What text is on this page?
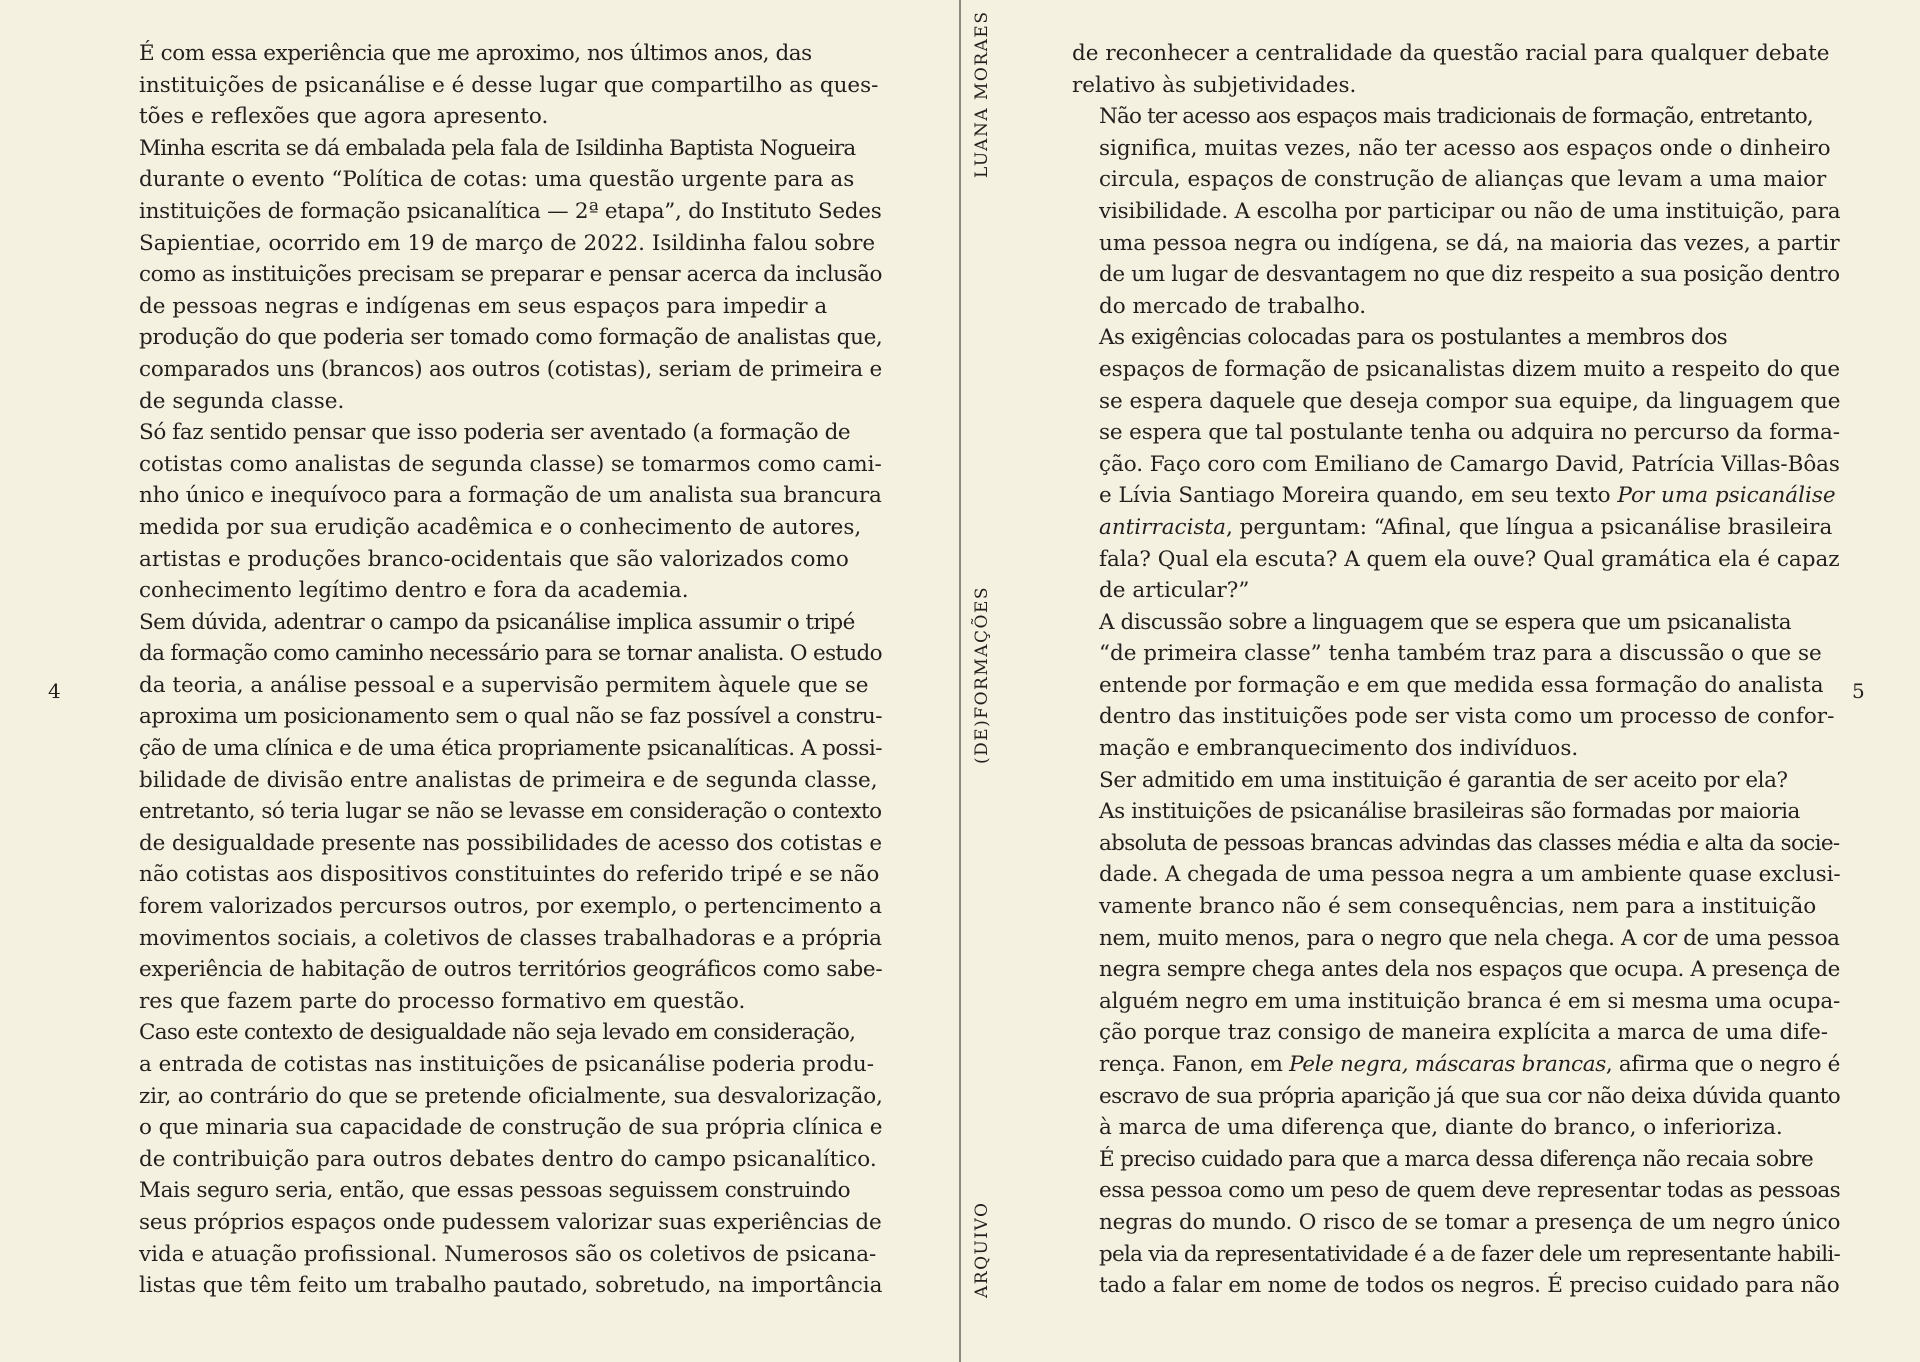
4

É com essa experiência que me aproximo, nos últimos anos, das
instituições de psicanálise e é desse lugar que compartilho as ques-
tões e reflexões que agora apresento.

Minha escrita se dá embalada pela fala de Isildinha Baptista Nogueira
durante o evento “Política de cotas: uma questão urgente para as
instituições de formação psicanalítica — 2ª etapa”, do Instituto Sedes
Sapientiae, ocorrido em 19 de março de 2022. Isildinha falou sobre
como as instituições precisam se preparar e pensar acerca da inclusão
de pessoas negras e indígenas em seus espaços para impedir a
produção do que poderia ser tomado como formação de analistas que,
comparados uns (brancos) aos outros (cotistas), seriam de primeira e
de segunda classe.

Só faz sentido pensar que isso poderia ser aventado (a formação de
cotistas como analistas de segunda classe) se tomarmos como cami-
nho único e inequívoco para a formação de um analista sua brancura
medida por sua erudição acadêmica e o conhecimento de autores,
artistas e produções branco-ocidentais que são valorizados como
conhecimento legítimo dentro e fora da academia.

Sem dúvida, adentrar o campo da psicanálise implica assumir o tripé
da formação como caminho necessário para se tornar analista. O estudo
da teoria, a análise pessoal e a supervisão permitem àquele que se
aproxima um posicionamento sem o qual não se faz possível a constru-
ção de uma clínica e de uma ética propriamente psicanalíticas. A possi-
bilidade de divisão entre analistas de primeira e de segunda classe,
entretanto, só teria lugar se não se levasse em consideração o contexto
de desigualdade presente nas possibilidades de acesso dos cotistas e
não cotistas aos dispositivos constituintes do referido tripé e se não
forem valorizados percursos outros, por exemplo, o pertencimento a
movimentos sociais, a coletivos de classes trabalhadoras e a própria
experiência de habitação de outros territórios geográficos como sabe-
res que fazem parte do processo formativo em questão.

Caso este contexto de desigualdade não seja levado em consideração,
a entrada de cotistas nas instituições de psicanálise poderia produ-
zir, ao contrário do que se pretende oficialmente, sua desvalorização,
o que minaria sua capacidade de construção de sua própria clínica e
de contribuição para outros debates dentro do campo psicanalítico.

Mais seguro seria, então, que essas pessoas seguissem construindo
seus próprios espaços onde pudessem valorizar suas experiências de
vida e atuação profissional. Numerosos são os coletivos de psicana-
listas que têm feito um trabalho pautado, sobretudo, na importância

LUANA MORAES
(DE)FORMAÇÕES
ARQUIVO
5

de reconhecer a centralidade da questão racial para qualquer debate
relativo às subjetividades.

Não ter acesso aos espaços mais tradicionais de formação, entretanto,
significa, muitas vezes, não ter acesso aos espaços onde o dinheiro
circula, espaços de construção de alianças que levam a uma maior
visibilidade. A escolha por participar ou não de uma instituição, para
uma pessoa negra ou indígena, se dá, na maioria das vezes, a partir
de um lugar de desvantagem no que diz respeito a sua posição dentro
do mercado de trabalho.

As exigências colocadas para os postulantes a membros dos
espaços de formação de psicanalistas dizem muito a respeito do que
se espera daquele que deseja compor sua equipe, da linguagem que
se espera que tal postulante tenha ou adquira no percurso da forma-
ção. Faço coro com Emiliano de Camargo David, Patrícia Villas-Bôas
e Lívia Santiago Moreira quando, em seu texto Por uma psicanálise
antirracista, perguntam: “Afinal, que língua a psicanálise brasileira
fala? Qual ela escuta? A quem ela ouve? Qual gramática ela é capaz
de articular?”

A discussão sobre a linguagem que se espera que um psicanalista
“de primeira classe” tenha também traz para a discussão o que se
entende por formação e em que medida essa formação do analista
dentro das instituições pode ser vista como um processo de confor-
mação e embranquecimento dos indivíduos.

Ser admitido em uma instituição é garantia de ser aceito por ela?

As instituições de psicanálise brasileiras são formadas por maioria
absoluta de pessoas brancas advindas das classes média e alta da socie-
dade. A chegada de uma pessoa negra a um ambiente quase exclusi-
vamente branco não é sem consequências, nem para a instituição
nem, muito menos, para o negro que nela chega. A cor de uma pessoa
negra sempre chega antes dela nos espaços que ocupa. A presença de
alguém negro em uma instituição branca é em si mesma uma ocupa-
ção porque traz consigo de maneira explícita a marca de uma dife-
rença. Fanon, em Pele negra, máscaras brancas, afirma que o negro é
escravo de sua própria aparição já que sua cor não deixa dúvida quanto
à marca de uma diferença que, diante do branco, o inferioriza.

É preciso cuidado para que a marca dessa diferença não recaia sobre
essa pessoa como um peso de quem deve representar todas as pessoas
negras do mundo. O risco de se tomar a presença de um negro único
pela via da representatividade é a de fazer dele um representante habili-
tado a falar em nome de todos os negros. É preciso cuidado para não
